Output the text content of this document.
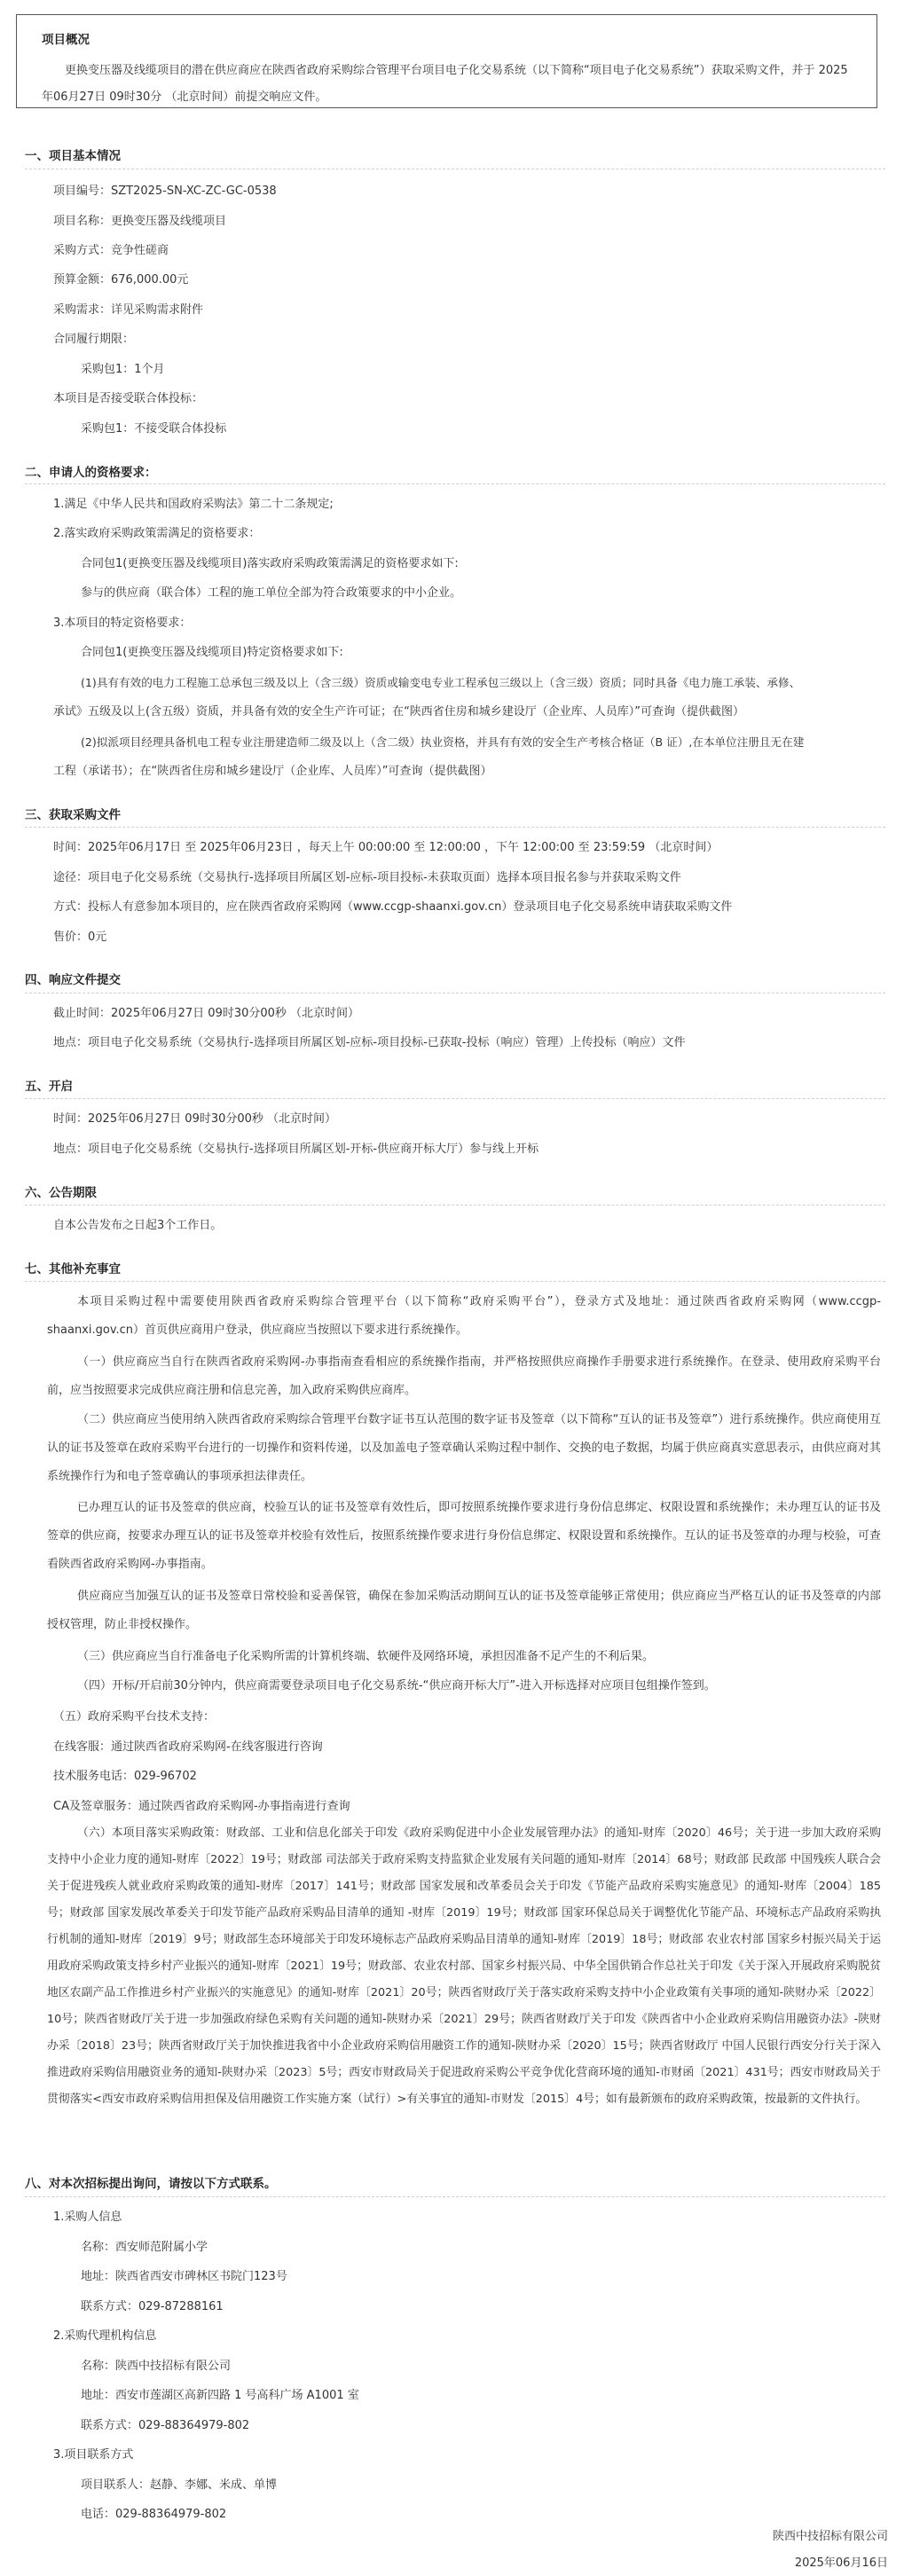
项目概况
更换变压器及线缆项目的潜在供应商应在陕西省政府采购综合管理平台项目电子化交易系统（以下简称“项目电子化交易系统”）获取采购文件，并于 2025年06月27日 09时30分 （北京时间）前提交响应文件。
一、项目基本情况
项目编号：SZT2025-SN-XC-ZC-GC-0538
项目名称：更换变压器及线缆项目
采购方式：竞争性磋商
预算金额：676,000.00元
采购需求：详见采购需求附件
合同履行期限：
采购包1：1个月
本项目是否接受联合体投标：
采购包1：不接受联合体投标
二、申请人的资格要求：
1.满足《中华人民共和国政府采购法》第二十二条规定;
2.落实政府采购政策需满足的资格要求：
合同包1(更换变压器及线缆项目)落实政府采购政策需满足的资格要求如下:
参与的供应商（联合体）工程的施工单位全部为符合政策要求的中小企业。
3.本项目的特定资格要求：
合同包1(更换变压器及线缆项目)特定资格要求如下:
(1)具有有效的电力工程施工总承包三级及以上（含三级）资质或输变电专业工程承包三级以上（含三级）资质；同时具备《电力施工承装、承修、
承试》五级及以上(含五级）资质，并具备有效的安全生产许可证；在“陕西省住房和城乡建设厅（企业库、人员库）”可查询（提供截图）
(2)拟派项目经理具备机电工程专业注册建造师二级及以上（含二级）执业资格，并具有有效的安全生产考核合格证（B 证）,在本单位注册且无在建
工程（承诺书）；在“陕西省住房和城乡建设厅（企业库、人员库）”可查询（提供截图）
三、获取采购文件
时间：2025年06月17日 至 2025年06月23日 ，每天上午 00:00:00 至 12:00:00 ，下午 12:00:00 至 23:59:59 （北京时间）
途径：项目电子化交易系统（交易执行-选择项目所属区划-应标-项目投标-未获取页面）选择本项目报名参与并获取采购文件
方式：投标人有意参加本项目的，应在陕西省政府采购网（www.ccgp-shaanxi.gov.cn）登录项目电子化交易系统申请获取采购文件
售价：0元
四、响应文件提交
截止时间：2025年06月27日 09时30分00秒 （北京时间）
地点：项目电子化交易系统（交易执行-选择项目所属区划-应标-项目投标-已获取-投标（响应）管理）上传投标（响应）文件
五、开启
时间：2025年06月27日 09时30分00秒 （北京时间）
地点：项目电子化交易系统（交易执行-选择项目所属区划-开标-供应商开标大厅）参与线上开标
六、公告期限
自本公告发布之日起3个工作日。
七、其他补充事宜
本项目采购过程中需要使用陕西省政府采购综合管理平台（以下简称“政府采购平台”），登录方式及地址：通过陕西省政府采购网（www.ccgp-shaanxi.gov.cn）首页供应商用户登录，供应商应当按照以下要求进行系统操作。
（一）供应商应当自行在陕西省政府采购网-办事指南查看相应的系统操作指南，并严格按照供应商操作手册要求进行系统操作。在登录、使用政府采购平台前，应当按照要求完成供应商注册和信息完善，加入政府采购供应商库。
（二）供应商应当使用纳入陕西省政府采购综合管理平台数字证书互认范围的数字证书及签章（以下简称“互认的证书及签章”）进行系统操作。供应商使用互认的证书及签章在政府采购平台进行的一切操作和资料传递，以及加盖电子签章确认采购过程中制作、交换的电子数据，均属于供应商真实意思表示，由供应商对其系统操作行为和电子签章确认的事项承担法律责任。
已办理互认的证书及签章的供应商，校验互认的证书及签章有效性后，即可按照系统操作要求进行身份信息绑定、权限设置和系统操作；未办理互认的证书及签章的供应商，按要求办理互认的证书及签章并校验有效性后，按照系统操作要求进行身份信息绑定、权限设置和系统操作。互认的证书及签章的办理与校验，可查看陕西省政府采购网-办事指南。
供应商应当加强互认的证书及签章日常校验和妥善保管，确保在参加采购活动期间互认的证书及签章能够正常使用；供应商应当严格互认的证书及签章的内部授权管理，防止非授权操作。
（三）供应商应当自行准备电子化采购所需的计算机终端、软硬件及网络环境，承担因准备不足产生的不利后果。
（四）开标/开启前30分钟内，供应商需要登录项目电子化交易系统-“供应商开标大厅”-进入开标选择对应项目包组操作签到。
（五）政府采购平台技术支持：
在线客服：通过陕西省政府采购网-在线客服进行咨询
技术服务电话：029-96702
CA及签章服务：通过陕西省政府采购网-办事指南进行查询
（六）本项目落实采购政策：财政部、工业和信息化部关于印发《政府采购促进中小企业发展管理办法》的通知-财库〔2020〕46号；关于进一步加大政府采购支持中小企业力度的通知-财库〔2022〕19号；财政部 司法部关于政府采购支持监狱企业发展有关问题的通知-财库〔2014〕68号；财政部 民政部 中国残疾人联合会关于促进残疾人就业政府采购政策的通知-财库〔2017〕141号；财政部 国家发展和改革委员会关于印发《节能产品政府采购实施意见》的通知-财库〔2004〕185号；财政部 国家发展改革委关于印发节能产品政府采购品目清单的通知 -财库〔2019〕19号；财政部 国家环保总局关于调整优化节能产品、环境标志产品政府采购执行机制的通知-财库〔2019〕9号；财政部生态环境部关于印发环境标志产品政府采购品目清单的通知-财库〔2019〕18号；财政部 农业农村部 国家乡村振兴局关于运用政府采购政策支持乡村产业振兴的通知-财库〔2021〕19号；财政部、农业农村部、国家乡村振兴局、中华全国供销合作总社关于印发《关于深入开展政府采购脱贫地区农副产品工作推进乡村产业振兴的实施意见》的通知-财库〔2021〕20号；陕西省财政厅关于落实政府采购支持中小企业政策有关事项的通知-陕财办采〔2022〕10号；陕西省财政厅关于进一步加强政府绿色采购有关问题的通知-陕财办采〔2021〕29号；陕西省财政厅关于印发《陕西省中小企业政府采购信用融资办法》-陕财办采〔2018〕23号；陕西省财政厅关于加快推进我省中小企业政府采购信用融资工作的通知-陕财办采〔2020〕15号；陕西省财政厅 中国人民银行西安分行关于深入推进政府采购信用融资业务的通知-陕财办采〔2023〕5号；西安市财政局关于促进政府采购公平竞争优化营商环境的通知-市财函〔2021〕431号；西安市财政局关于贯彻落实<西安市政府采购信用担保及信用融资工作实施方案（试行）>有关事宜的通知-市财发〔2015〕4号；如有最新颁布的政府采购政策，按最新的文件执行。
八、对本次招标提出询问，请按以下方式联系。
1.采购人信息
名称：西安师范附属小学
地址：陕西省西安市碑林区书院门123号
联系方式：029-87288161
2.采购代理机构信息
名称：陕西中技招标有限公司
地址：西安市莲湖区高新四路 1 号高科广场 A1001 室
联系方式：029-88364979-802
3.项目联系方式
项目联系人：赵静、李娜、米成、单博
电话：029-88364979-802
陕西中技招标有限公司
2025年06月16日
